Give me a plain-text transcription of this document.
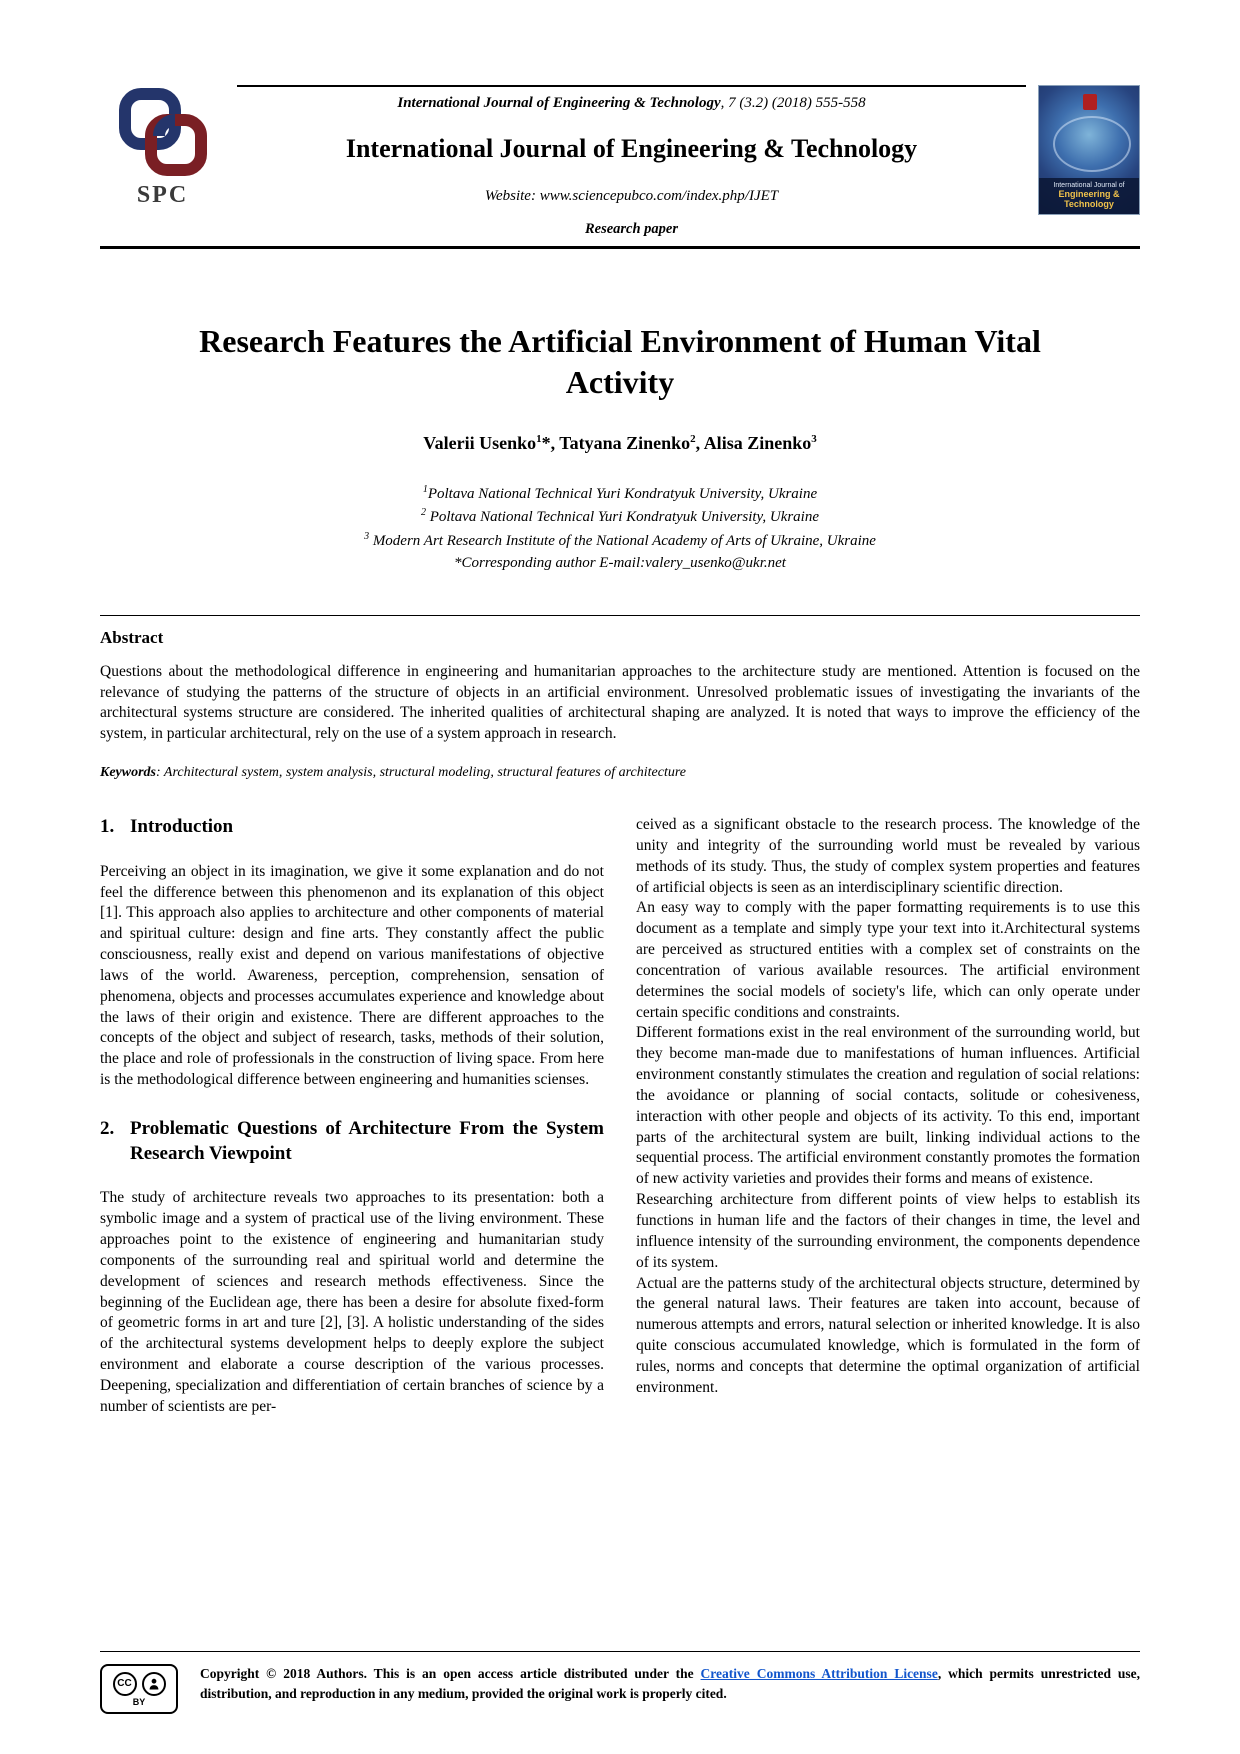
SPC
International Journal of Engineering & Technology, 7 (3.2) (2018) 555-558
International Journal of Engineering & Technology
Website: www.sciencepubco.com/index.php/IJET
Research paper
International Journal of
Engineering & Technology
Research Features the Artificial Environment of Human Vital Activity

Valerii Usenko$^1$*, Tatyana Zinenko$^2$, Alisa Zinenko$^3$

$^1$Poltava National Technical Yuri Kondratyuk University, Ukraine
$^2$ Poltava National Technical Yuri Kondratyuk University, Ukraine
$^3$ Modern Art Research Institute of the National Academy of Arts of Ukraine, Ukraine
*Corresponding author E-mail:valery_usenko@ukr.net
Abstract

Questions about the methodological difference in engineering and humanitarian approaches to the architecture study are mentioned. Attention is focused on the relevance of studying the patterns of the structure of objects in an artificial environment. Unresolved problematic issues of investigating the invariants of the architectural systems structure are considered. The inherited qualities of architectural shaping are analyzed. It is noted that ways to improve the efficiency of the system, in particular architectural, rely on the use of a system approach in research.

Keywords: Architectural system, system analysis, structural modeling, structural features of architecture

1. Introduction

Perceiving an object in its imagination, we give it some explanation and do not feel the difference between this phenomenon and its explanation of this object [1]. This approach also applies to architecture and other components of material and spiritual culture: design and fine arts. They constantly affect the public consciousness, really exist and depend on various manifestations of objective laws of the world. Awareness, perception, comprehension, sensation of phenomena, objects and processes accumulates experience and knowledge about the laws of their origin and existence. There are different approaches to the concepts of the object and subject of research, tasks, methods of their solution, the place and role of professionals in the construction of living space. From here is the methodological difference between engineering and humanities scienses.

2. Problematic Questions of Architecture From the System Research Viewpoint

The study of architecture reveals two approaches to its presentation: both a symbolic image and a system of practical use of the living environment. These approaches point to the existence of engineering and humanitarian study components of the surrounding real and spiritual world and determine the development of sciences and research methods effectiveness. Since the beginning of the Euclidean age, there has been a desire for absolute fixed-form of geometric forms in art and ture [2], [3]. A holistic understanding of the sides of the architectural systems development helps to deeply explore the subject environment and elaborate a course description of the various processes. Deepening, specialization and differentiation of certain branches of science by a number of scientists are per-

ceived as a significant obstacle to the research process. The knowledge of the unity and integrity of the surrounding world must be revealed by various methods of its study. Thus, the study of complex system properties and features of artificial objects is seen as an interdisciplinary scientific direction.

An easy way to comply with the paper formatting requirements is to use this document as a template and simply type your text into it.Architectural systems are perceived as structured entities with a complex set of constraints on the concentration of various available resources. The artificial environment determines the social models of society's life, which can only operate under certain specific conditions and constraints.

Different formations exist in the real environment of the surrounding world, but they become man-made due to manifestations of human influences. Artificial environment constantly stimulates the creation and regulation of social relations: the avoidance or planning of social contacts, solitude or cohesiveness, interaction with other people and objects of its activity. To this end, important parts of the architectural system are built, linking individual actions to the sequential process. The artificial environment constantly promotes the formation of new activity varieties and provides their forms and means of existence.

Researching architecture from different points of view helps to establish its functions in human life and the factors of their changes in time, the level and influence intensity of the surrounding environment, the components dependence of its system.

Actual are the patterns study of the architectural objects structure, determined by the general natural laws. Their features are taken into account, because of numerous attempts and errors, natural selection or inherited knowledge. It is also quite conscious accumulated knowledge, which is formulated in the form of rules, norms and concepts that determine the optimal organization of artificial environment.

CC
BY

Copyright © 2018 Authors. This is an open access article distributed under the Creative Commons Attribution License, which permits unrestricted use, distribution, and reproduction in any medium, provided the original work is properly cited.
